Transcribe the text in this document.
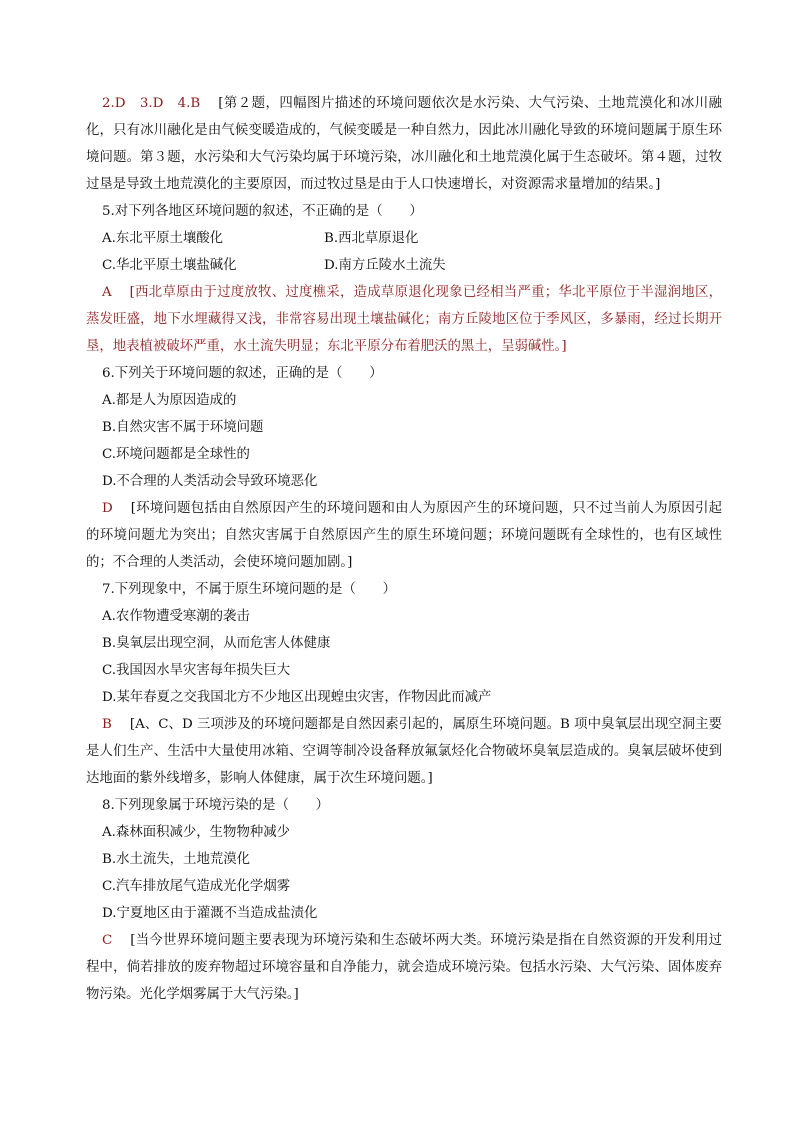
2.D　3.D　4.B [第２题，四幅图片描述的环境问题依次是水污染、大气污染、土地荒漠化和冰川融化，只有冰川融化是由气候变暖造成的，气候变暖是一种自然力，因此冰川融化导致的环境问题属于原生环境问题。第３题，水污染和大气污染均属于环境污染，冰川融化和土地荒漠化属于生态破坏。第４题，过牧过垦是导致土地荒漠化的主要原因，而过牧过垦是由于人口快速增长，对资源需求量增加的结果。]

5.对下列各地区环境问题的叙述，不正确的是（　　）

A.东北平原土壤酸化	B.西北草原退化
C.华北平原土壤盐碱化	D.南方丘陵水土流失

A [西北草原由于过度放牧、过度樵采，造成草原退化现象已经相当严重；华北平原位于半湿润地区，蒸发旺盛，地下水埋藏得又浅，非常容易出现土壤盐碱化；南方丘陵地区位于季风区，多暴雨，经过长期开垦，地表植被破坏严重，水土流失明显；东北平原分布着肥沃的黑土，呈弱碱性。]

6.下列关于环境问题的叙述，正确的是（　　）

A.都是人为原因造成的

B.自然灾害不属于环境问题

C.环境问题都是全球性的

D.不合理的人类活动会导致环境恶化

D [环境问题包括由自然原因产生的环境问题和由人为原因产生的环境问题，只不过当前人为原因引起的环境问题尤为突出；自然灾害属于自然原因产生的原生环境问题；环境问题既有全球性的，也有区域性的；不合理的人类活动，会使环境问题加剧。]

7.下列现象中，不属于原生环境问题的是（　　）

A.农作物遭受寒潮的袭击

B.臭氧层出现空洞，从而危害人体健康

C.我国因水旱灾害每年损失巨大

D.某年春夏之交我国北方不少地区出现蝗虫灾害，作物因此而减产

B [A、C、D 三项涉及的环境问题都是自然因素引起的，属原生环境问题。B 项中臭氧层出现空洞主要是人们生产、生活中大量使用冰箱、空调等制冷设备释放氟氯烃化合物破坏臭氧层造成的。臭氧层破坏使到达地面的紫外线增多，影响人体健康，属于次生环境问题。]

8.下列现象属于环境污染的是（　　）

A.森林面积减少，生物物种减少

B.水土流失，土地荒漠化

C.汽车排放尾气造成光化学烟雾

D.宁夏地区由于灌溉不当造成盐渍化

C [当今世界环境问题主要表现为环境污染和生态破坏两大类。环境污染是指在自然资源的开发利用过程中，倘若排放的废弃物超过环境容量和自净能力，就会造成环境污染。包括水污染、大气污染、固体废弃物污染。光化学烟雾属于大气污染。]
